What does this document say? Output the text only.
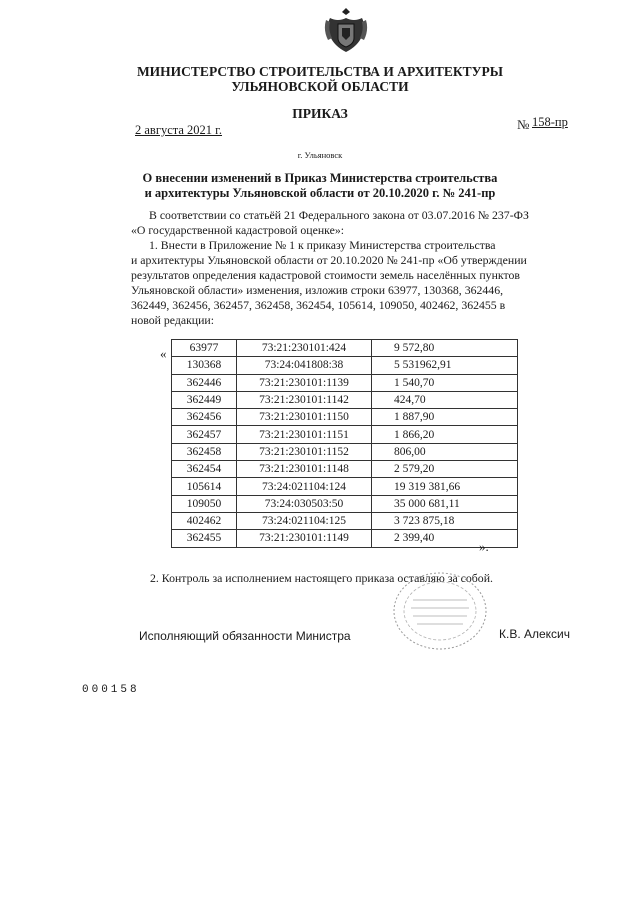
МИНИСТЕРСТВО СТРОИТЕЛЬСТВА И АРХИТЕКТУРЫ
УЛЬЯНОВСКОЙ ОБЛАСТИ
ПРИКАЗ
2 августа 2021 г.	№ 158-пр
г. Ульяновск
О внесении изменений в Приказ Министерства строительства
и архитектуры Ульяновской области от 20.10.2020 г. № 241-пр
В соответствии со статьёй 21 Федерального закона от 03.07.2016 № 237-ФЗ
«О государственной кадастровой оценке»:
1. Внести в Приложение № 1 к приказу Министерства строительства
и архитектуры Ульяновской области от 20.10.2020 № 241-пр «Об утверждении
результатов определения кадастровой стоимости земель населённых пунктов
Ульяновской области» изменения, изложив строки 63977, 130368, 362446,
362449, 362456, 362457, 362458, 362454, 105614, 109050, 402462, 362455 в
новой редакции:
« 63977	73:21:230101:424	9 572,80
130368	73:24:041808:38	5 531962,91
362446	73:21:230101:1139	1 540,70
362449	73:21:230101:1142	424,70
362456	73:21:230101:1150	1 887,90
362457	73:21:230101:1151	1 866,20
362458	73:21:230101:1152	806,00
362454	73:21:230101:1148	2 579,20
105614	73:24:021104:124	19 319 381,66
109050	73:24:030503:50	35 000 681,11
402462	73:24:021104:125	3 723 875,18
362455	73:21:230101:1149	2 399,40
».
2. Контроль за исполнением настоящего приказа оставляю за собой.
Исполняющий обязанности Министра	К.В. Алексич
000158
